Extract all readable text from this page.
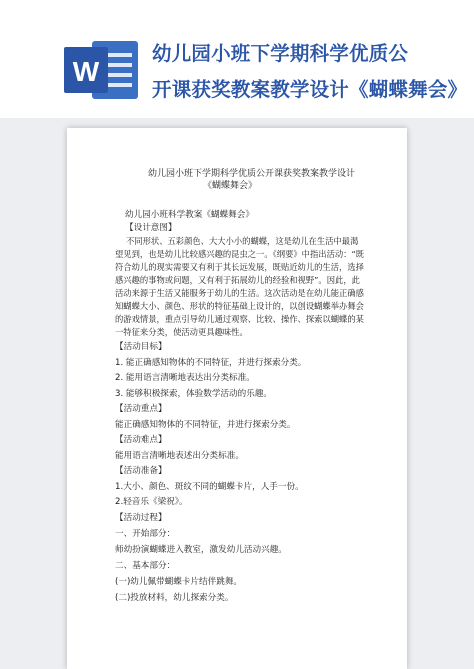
W
幼儿园小班下学期科学优质公
开课获奖教案教学设计《蝴蝶舞会》
幼儿园小班下学期科学优质公开课获奖教案教学设计
《蝴蝶舞会》
幼儿园小班科学教案《蝴蝶舞会》
【设计意图】
不同形状、五彩颜色、大大小小的蝴蝶，这是幼儿在生活中最渴
望见到，也是幼儿比较感兴趣的昆虫之一。《纲要》中指出活动：“既
符合幼儿的现实需要又有利于其长远发展，既贴近幼儿的生活，选择
感兴趣的事物或问题，又有利于拓展幼儿的经验和视野”。因此，此
活动来源于生活又能服务于幼儿的生活。这次活动是在幼儿能正确感
知蝴蝶大小、颜色、形状的特征基础上设计的，以创设蝴蝶举办舞会
的游戏情景，重点引导幼儿通过观察、比较、操作、探索以蝴蝶的某
一特征来分类，使活动更具趣味性。
【活动目标】
1. 能正确感知物体的不同特征，并进行探索分类。
2. 能用语言清晰地表达出分类标准。
3. 能够积极探索，体验数学活动的乐趣。
【活动重点】
能正确感知物体的不同特征，并进行探索分类。
【活动难点】
能用语言清晰地表述出分类标准。
【活动准备】
1.大小、颜色、斑纹不同的蝴蝶卡片，人手一份。
2.轻音乐《梁祝》。
【活动过程】
一、开始部分：
师幼扮演蝴蝶进入教室，激发幼儿活动兴趣。
二、基本部分：
(一)幼儿佩带蝴蝶卡片结伴跳舞。
(二)投放材料，幼儿探索分类。
